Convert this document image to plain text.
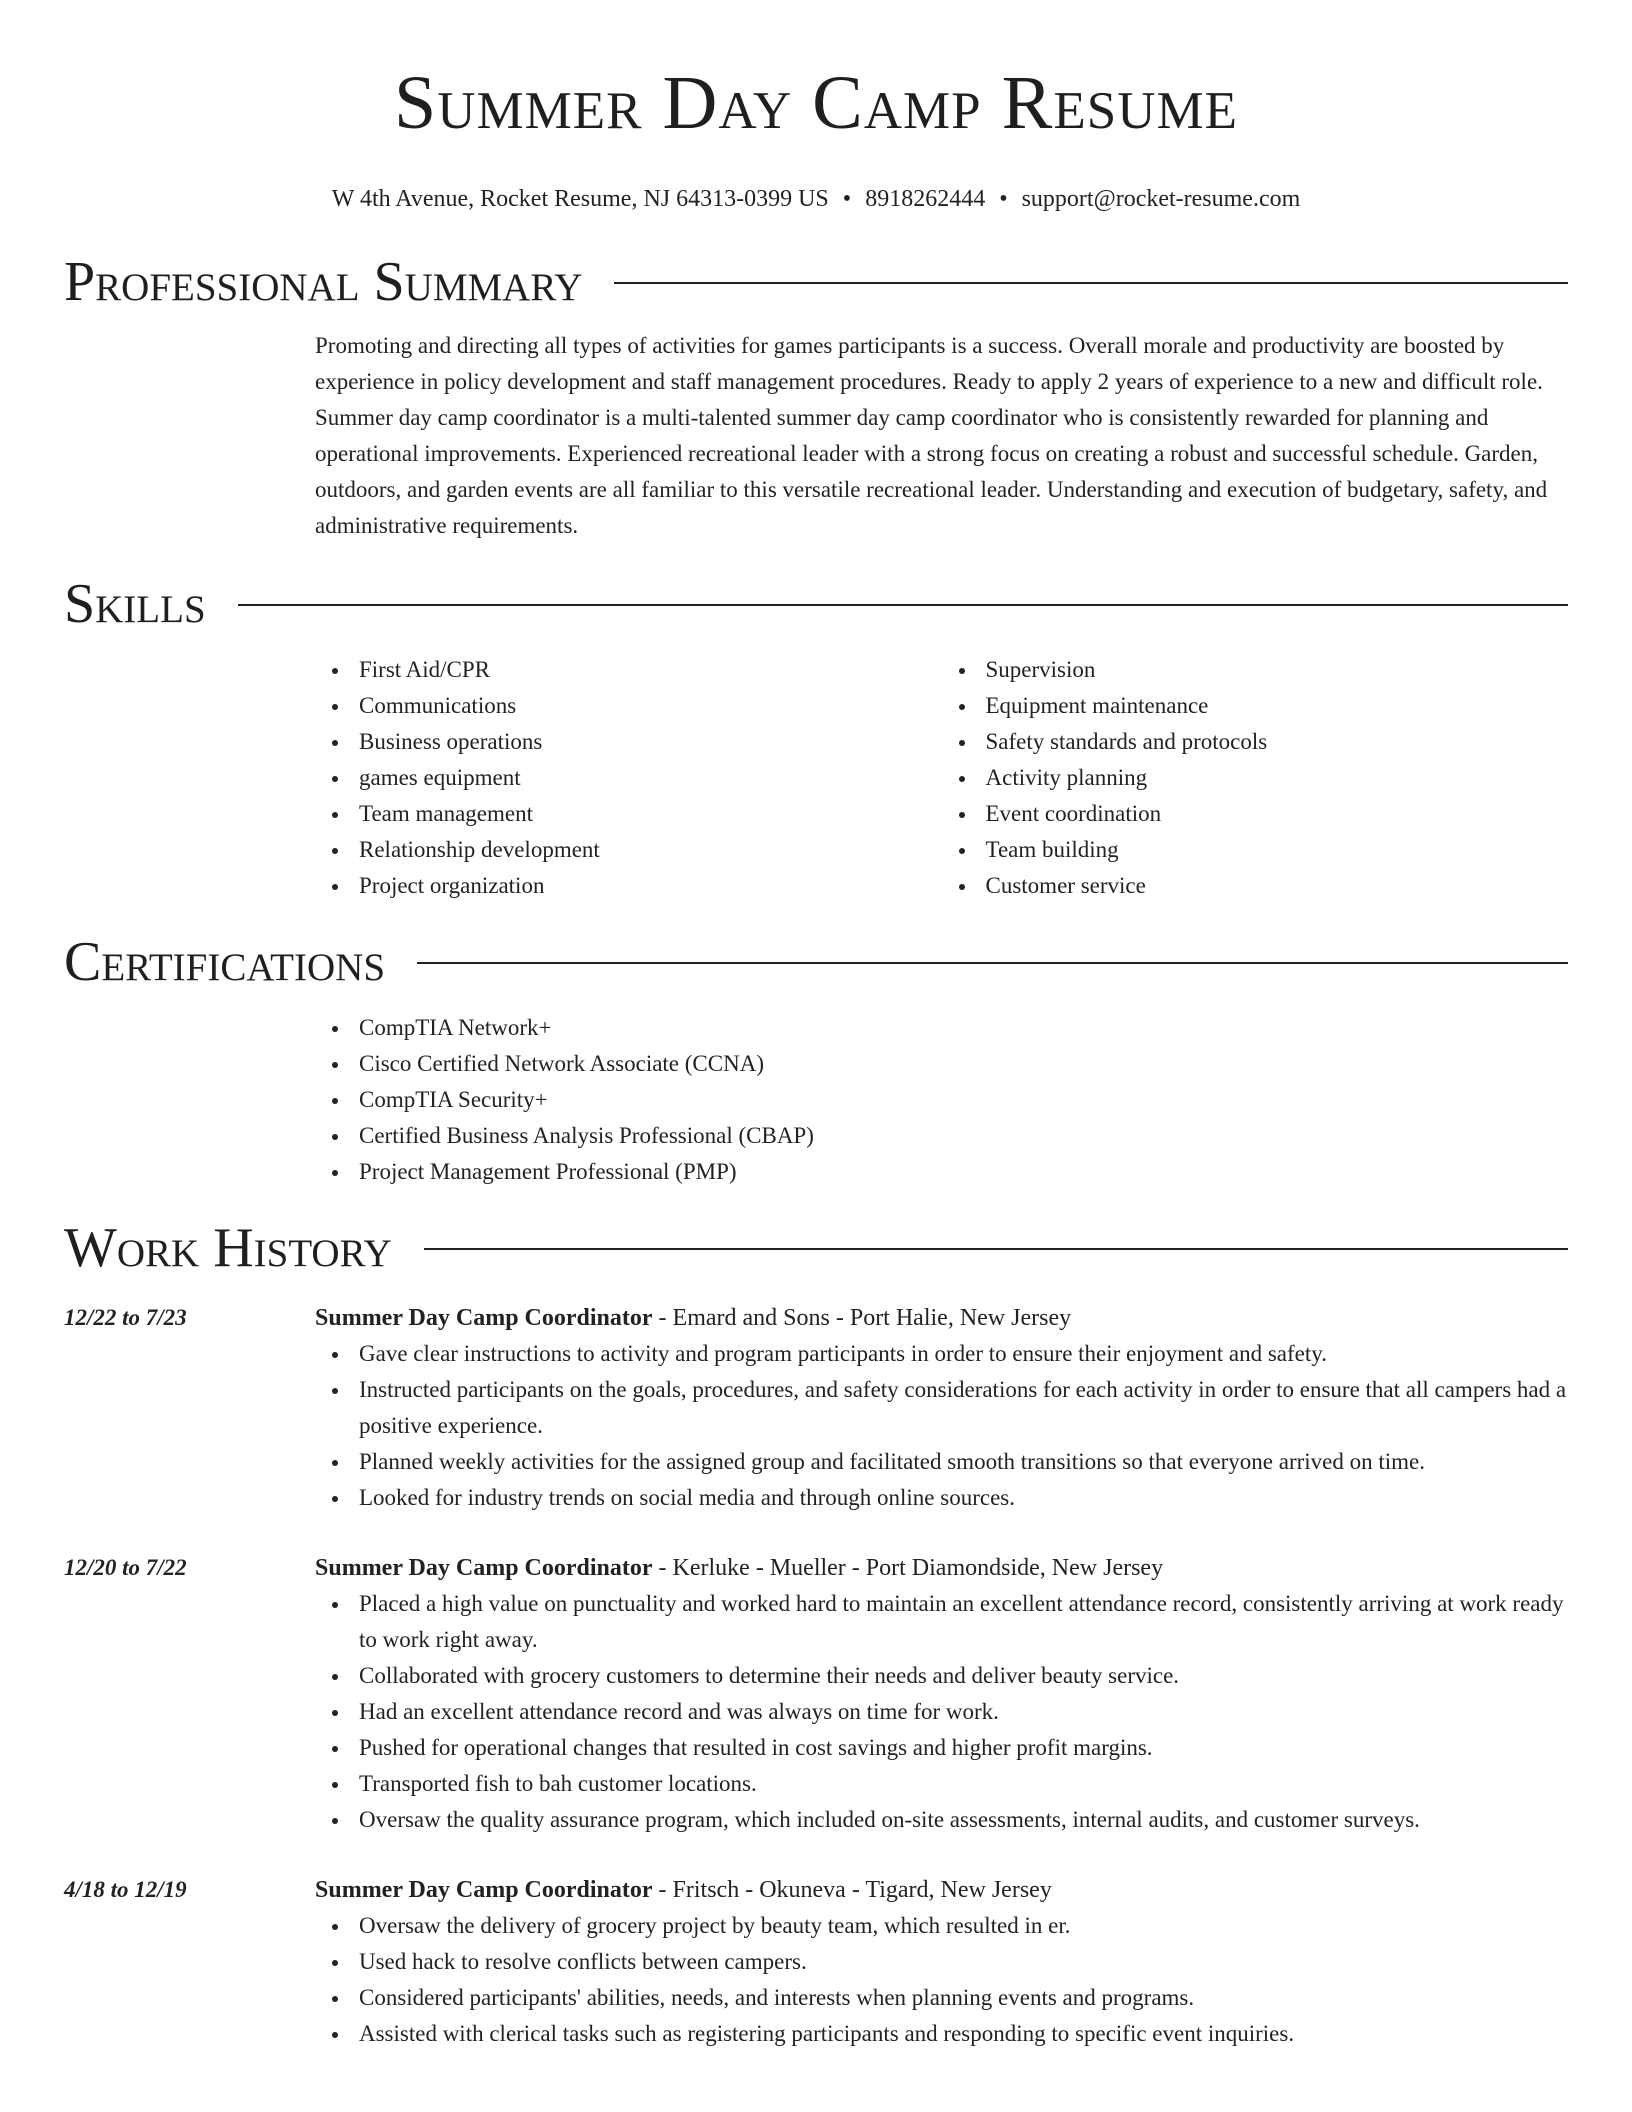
Summer Day Camp Resume
W 4th Avenue, Rocket Resume, NJ 64313-0399 US • 8918262444 • support@rocket-resume.com
Professional Summary

Promoting and directing all types of activities for games participants is a success. Overall morale and productivity are boosted by experience in policy development and staff management procedures. Ready to apply 2 years of experience to a new and difficult role. Summer day camp coordinator is a multi-talented summer day camp coordinator who is consistently rewarded for planning and operational improvements. Experienced recreational leader with a strong focus on creating a robust and successful schedule. Garden, outdoors, and garden events are all familiar to this versatile recreational leader. Understanding and execution of budgetary, safety, and administrative requirements.

Skills
First Aid/CPR
Communications
Business operations
games equipment
Team management
Relationship development
Project organization
Supervision
Equipment maintenance
Safety standards and protocols
Activity planning
Event coordination
Team building
Customer service
Certifications
CompTIA Network+
Cisco Certified Network Associate (CCNA)
CompTIA Security+
Certified Business Analysis Professional (CBAP)
Project Management Professional (PMP)
Work History
12/22 to 7/23	Summer Day Camp Coordinator - Emard and Sons - Port Halie, New Jersey
Gave clear instructions to activity and program participants in order to ensure their enjoyment and safety.
Instructed participants on the goals, procedures, and safety considerations for each activity in order to ensure that all campers had a positive experience.
Planned weekly activities for the assigned group and facilitated smooth transitions so that everyone arrived on time.
Looked for industry trends on social media and through online sources.
12/20 to 7/22	Summer Day Camp Coordinator - Kerluke - Mueller - Port Diamondside, New Jersey
Placed a high value on punctuality and worked hard to maintain an excellent attendance record, consistently arriving at work ready to work right away.
Collaborated with grocery customers to determine their needs and deliver beauty service.
Had an excellent attendance record and was always on time for work.
Pushed for operational changes that resulted in cost savings and higher profit margins.
Transported fish to bah customer locations.
Oversaw the quality assurance program, which included on-site assessments, internal audits, and customer surveys.
4/18 to 12/19	Summer Day Camp Coordinator - Fritsch - Okuneva - Tigard, New Jersey
Oversaw the delivery of grocery project by beauty team, which resulted in er.
Used hack to resolve conflicts between campers.
Considered participants' abilities, needs, and interests when planning events and programs.
Assisted with clerical tasks such as registering participants and responding to specific event inquiries.
